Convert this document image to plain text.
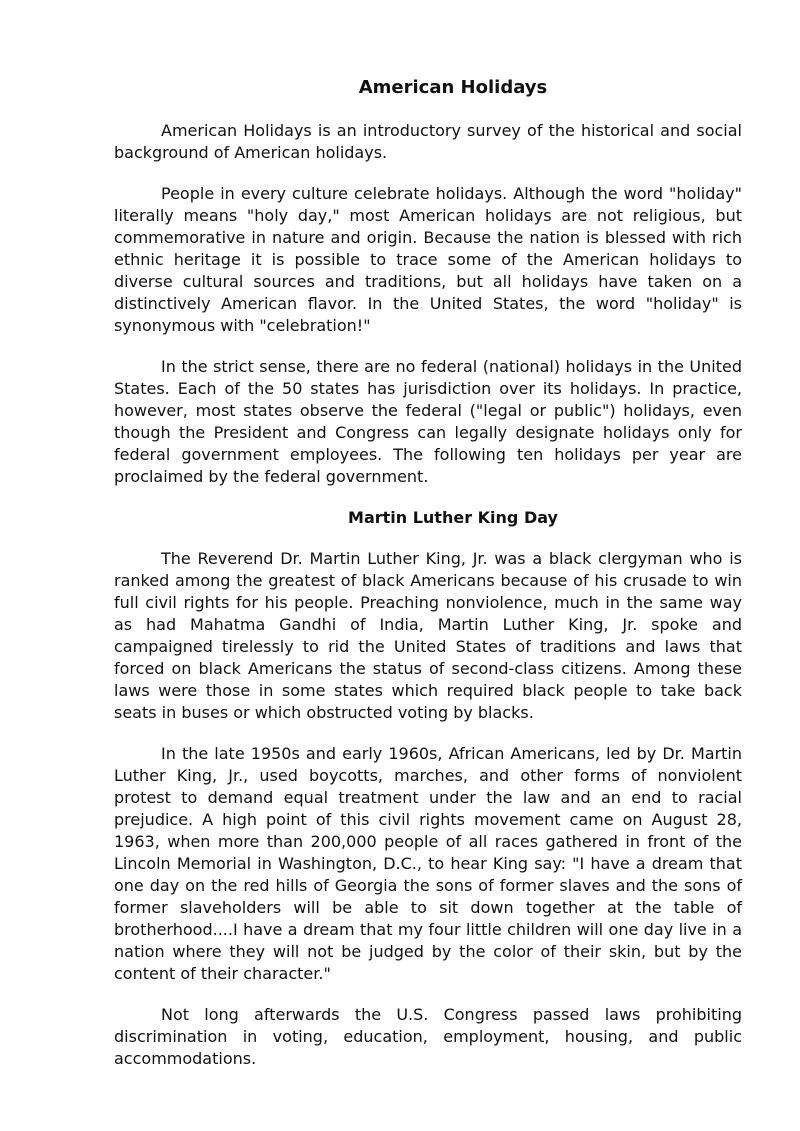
American Holidays

American Holidays is an introductory survey of the historical and social background of American holidays.

People in every culture celebrate holidays. Although the word "holiday" literally means "holy day," most American holidays are not religious, but commemorative in nature and origin. Because the nation is blessed with rich ethnic heritage it is possible to trace some of the American holidays to diverse cultural sources and traditions, but all holidays have taken on a distinctively American flavor. In the United States, the word "holiday" is synonymous with "celebration!"

In the strict sense, there are no federal (national) holidays in the United States. Each of the 50 states has jurisdiction over its holidays. In practice, however, most states observe the federal ("legal or public") holidays, even though the President and Congress can legally designate holidays only for federal government employees. The following ten holidays per year are proclaimed by the federal government.

Martin Luther King Day

The Reverend Dr. Martin Luther King, Jr. was a black clergyman who is ranked among the greatest of black Americans because of his crusade to win full civil rights for his people. Preaching nonviolence, much in the same way as had Mahatma Gandhi of India, Martin Luther King, Jr. spoke and campaigned tirelessly to rid the United States of traditions and laws that forced on black Americans the status of second-class citizens. Among these laws were those in some states which required black people to take back seats in buses or which obstructed voting by blacks.

In the late 1950s and early 1960s, African Americans, led by Dr. Martin Luther King, Jr., used boycotts, marches, and other forms of nonviolent protest to demand equal treatment under the law and an end to racial prejudice. A high point of this civil rights movement came on August 28, 1963, when more than 200,000 people of all races gathered in front of the Lincoln Memorial in Washington, D.C., to hear King say: "I have a dream that one day on the red hills of Georgia the sons of former slaves and the sons of former slaveholders will be able to sit down together at the table of brotherhood....I have a dream that my four little children will one day live in a nation where they will not be judged by the color of their skin, but by the content of their character."

Not long afterwards the U.S. Congress passed laws prohibiting discrimination in voting, education, employment, housing, and public accommodations.
